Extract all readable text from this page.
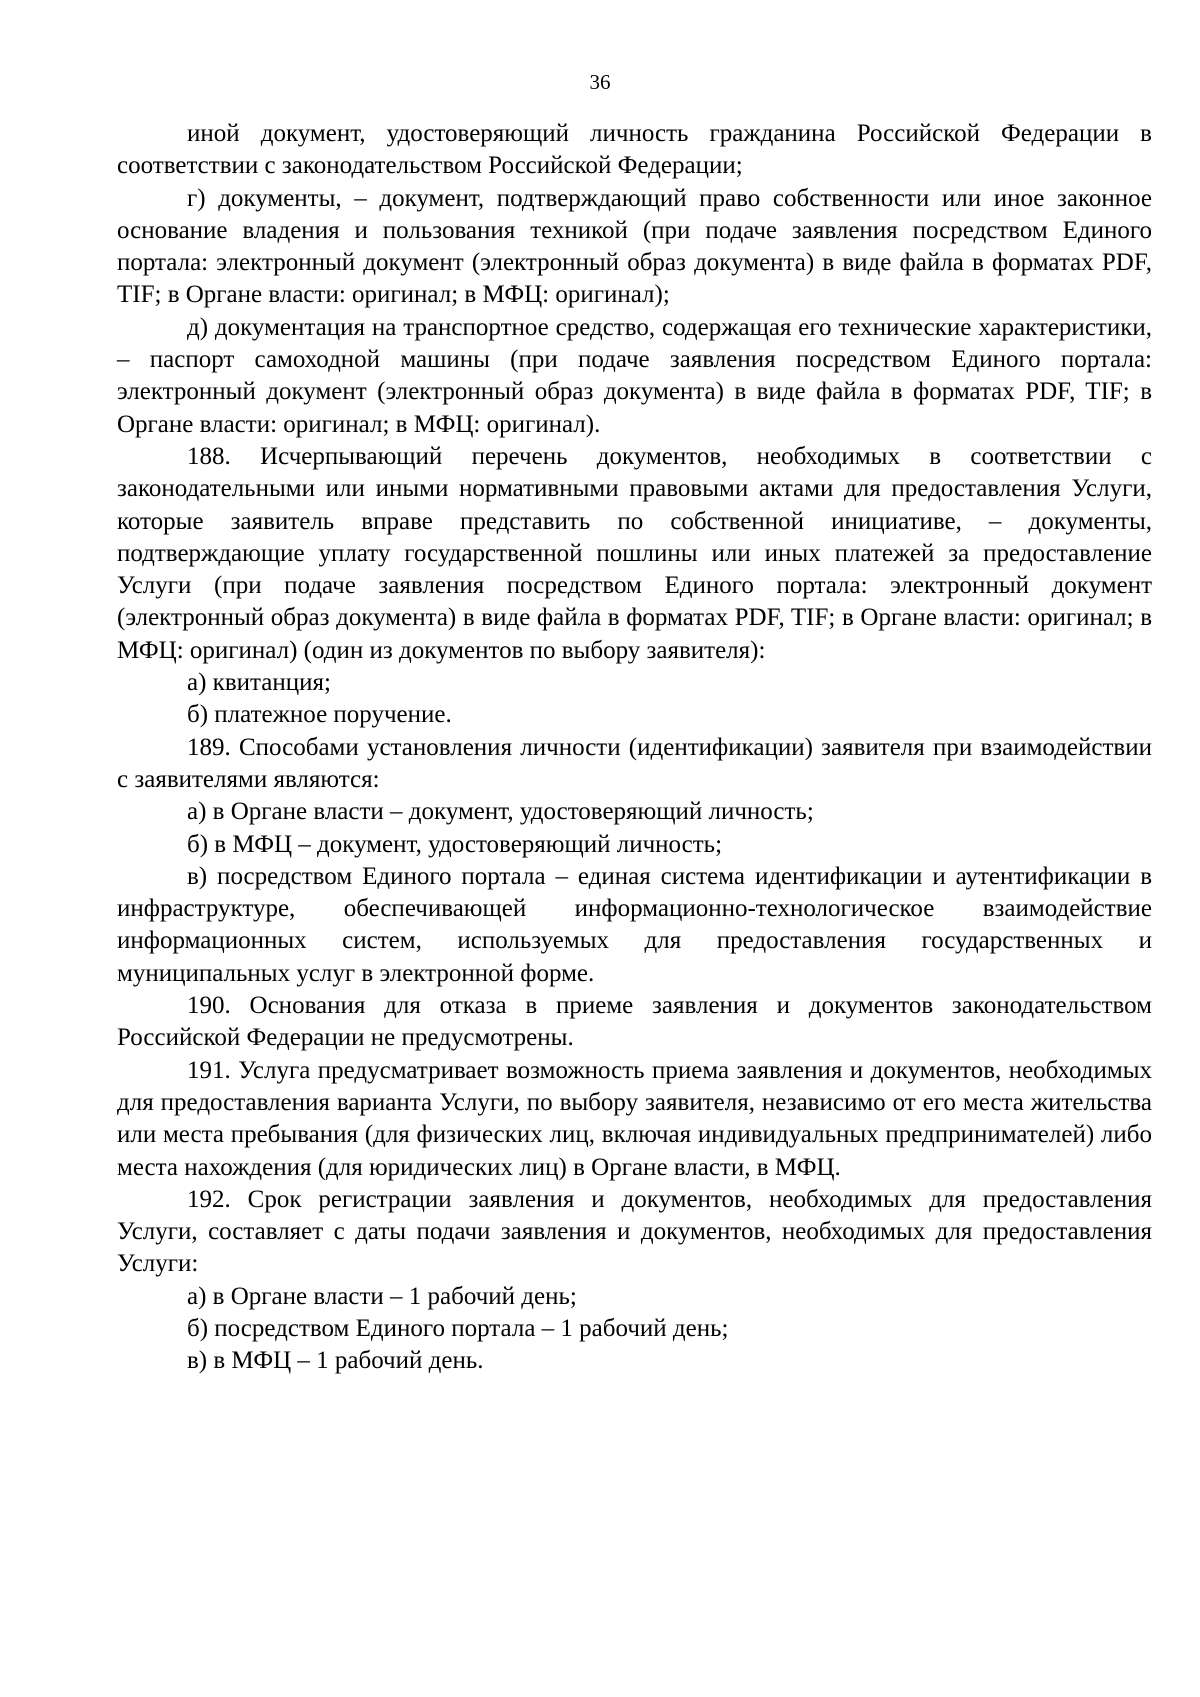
36

иной документ, удостоверяющий личность гражданина Российской Федерации в соответствии с законодательством Российской Федерации;

г) документы, – документ, подтверждающий право собственности или иное законное основание владения и пользования техникой (при подаче заявления посредством Единого портала: электронный документ (электронный образ документа) в виде файла в форматах PDF, TIF; в Органе власти: оригинал; в МФЦ: оригинал);

д) документация на транспортное средство, содержащая его технические характеристики, – паспорт самоходной машины (при подаче заявления посредством Единого портала: электронный документ (электронный образ документа) в виде файла в форматах PDF, TIF; в Органе власти: оригинал; в МФЦ: оригинал).

188. Исчерпывающий перечень документов, необходимых в соответствии с законодательными или иными нормативными правовыми актами для предоставления Услуги, которые заявитель вправе представить по собственной инициативе, – документы, подтверждающие уплату государственной пошлины или иных платежей за предоставление Услуги (при подаче заявления посредством Единого портала: электронный документ (электронный образ документа) в виде файла в форматах PDF, TIF; в Органе власти: оригинал; в МФЦ: оригинал) (один из документов по выбору заявителя):

а) квитанция;

б) платежное поручение.

189. Способами установления личности (идентификации) заявителя при взаимодействии с заявителями являются:

а) в Органе власти – документ, удостоверяющий личность;

б) в МФЦ – документ, удостоверяющий личность;

в) посредством Единого портала – единая система идентификации и аутентификации в инфраструктуре, обеспечивающей информационно-технологическое взаимодействие информационных систем, используемых для предоставления государственных и муниципальных услуг в электронной форме.

190. Основания для отказа в приеме заявления и документов законодательством Российской Федерации не предусмотрены.

191. Услуга предусматривает возможность приема заявления и документов, необходимых для предоставления варианта Услуги, по выбору заявителя, независимо от его места жительства или места пребывания (для физических лиц, включая индивидуальных предпринимателей) либо места нахождения (для юридических лиц) в Органе власти, в МФЦ.

192. Срок регистрации заявления и документов, необходимых для предоставления Услуги, составляет с даты подачи заявления и документов, необходимых для предоставления Услуги:

а) в Органе власти – 1 рабочий день;

б) посредством Единого портала – 1 рабочий день;

в) в МФЦ – 1 рабочий день.
